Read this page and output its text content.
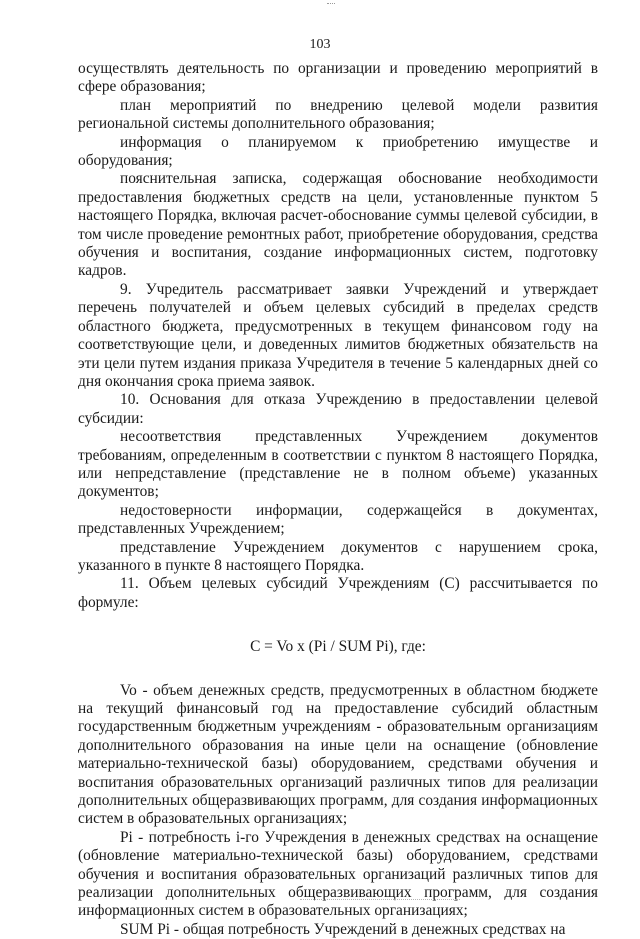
103

осуществлять деятельность по организации и проведению мероприятий в сфере образования;

план мероприятий по внедрению целевой модели развития региональной системы дополнительного образования;

информация о планируемом к приобретению имуществе и оборудования;

пояснительная записка, содержащая обоснование необходимости предоставления бюджетных средств на цели, установленные пунктом 5 настоящего Порядка, включая расчет-обоснование суммы целевой субсидии, в том числе проведение ремонтных работ, приобретение оборудования, средства обучения и воспитания, создание информационных систем, подготовку кадров.

9. Учредитель рассматривает заявки Учреждений и утверждает перечень получателей и объем целевых субсидий в пределах средств областного бюджета, предусмотренных в текущем финансовом году на соответствующие цели, и доведенных лимитов бюджетных обязательств на эти цели путем издания приказа Учредителя в течение 5 календарных дней со дня окончания срока приема заявок.

10. Основания для отказа Учреждению в предоставлении целевой субсидии:

несоответствия представленных Учреждением документов требованиям, определенным в соответствии с пунктом 8 настоящего Порядка, или непредставление (представление не в полном объеме) указанных документов;

недостоверности информации, содержащейся в документах, представленных Учреждением;

представление Учреждением документов с нарушением срока, указанного в пункте 8 настоящего Порядка.

11. Объем целевых субсидий Учреждениям (С) рассчитывается по формуле:

C = Vo x (Pi / SUM Pi), где:

Vo - объем денежных средств, предусмотренных в областном бюджете на текущий финансовый год на предоставление субсидий областным государственным бюджетным учреждениям - образовательным организациям дополнительного образования на иные цели на оснащение (обновление материально-технической базы) оборудованием, средствами обучения и воспитания образовательных организаций различных типов для реализации дополнительных общеразвивающих программ, для создания информационных систем в образовательных организациях;

Pi - потребность i-го Учреждения в денежных средствах на оснащение (обновление материально-технической базы) оборудованием, средствами обучения и воспитания образовательных организаций различных типов для реализации дополнительных общеразвивающих программ, для создания информационных систем в образовательных организациях;

SUM Pi - общая потребность Учреждений в денежных средствах на
